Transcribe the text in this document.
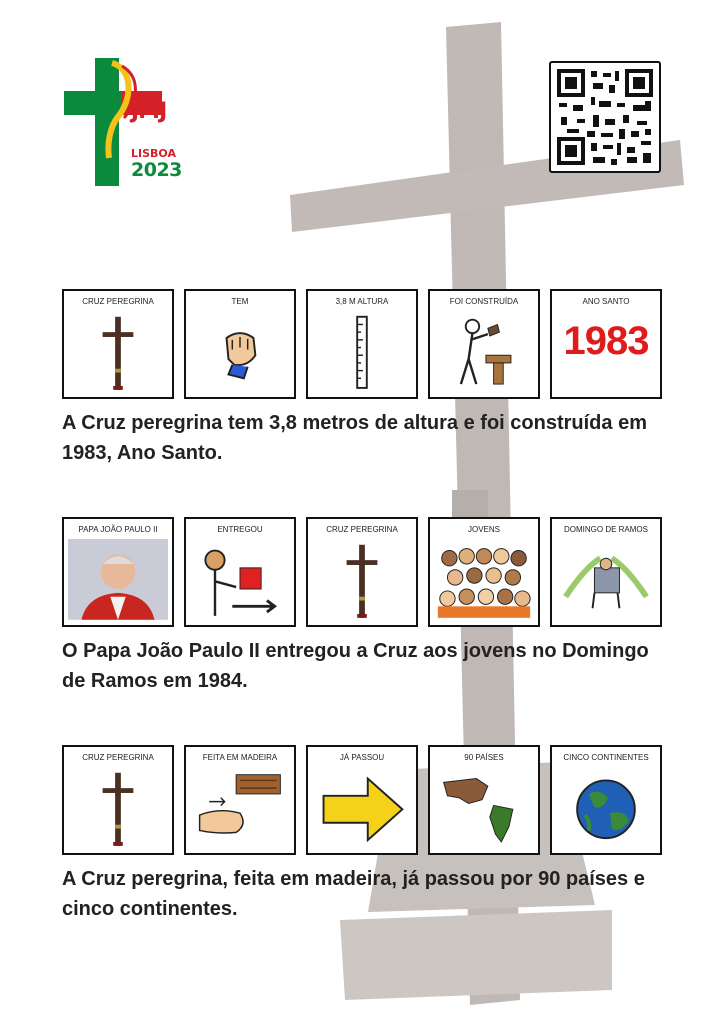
JMJ
LISBOA
2023
CRUZ PEREGRINA	TEM	3,8 M ALTURA	FOI CONSTRUÍDA	ANO SANTO
1983
A Cruz peregrina tem 3,8 metros de altura e foi construída em 1983, Ano Santo.
PAPA JOÃO PAULO II	ENTREGOU	CRUZ PEREGRINA	JOVENS	DOMINGO DE RAMOS
O Papa João Paulo II entregou a Cruz aos jovens no Domingo de Ramos em 1984.
CRUZ PEREGRINA	FEITA EM MADEIRA	JÁ PASSOU	90 PAÍSES	CINCO CONTINENTES
A Cruz peregrina, feita em madeira, já passou por 90 países e cinco continentes.
